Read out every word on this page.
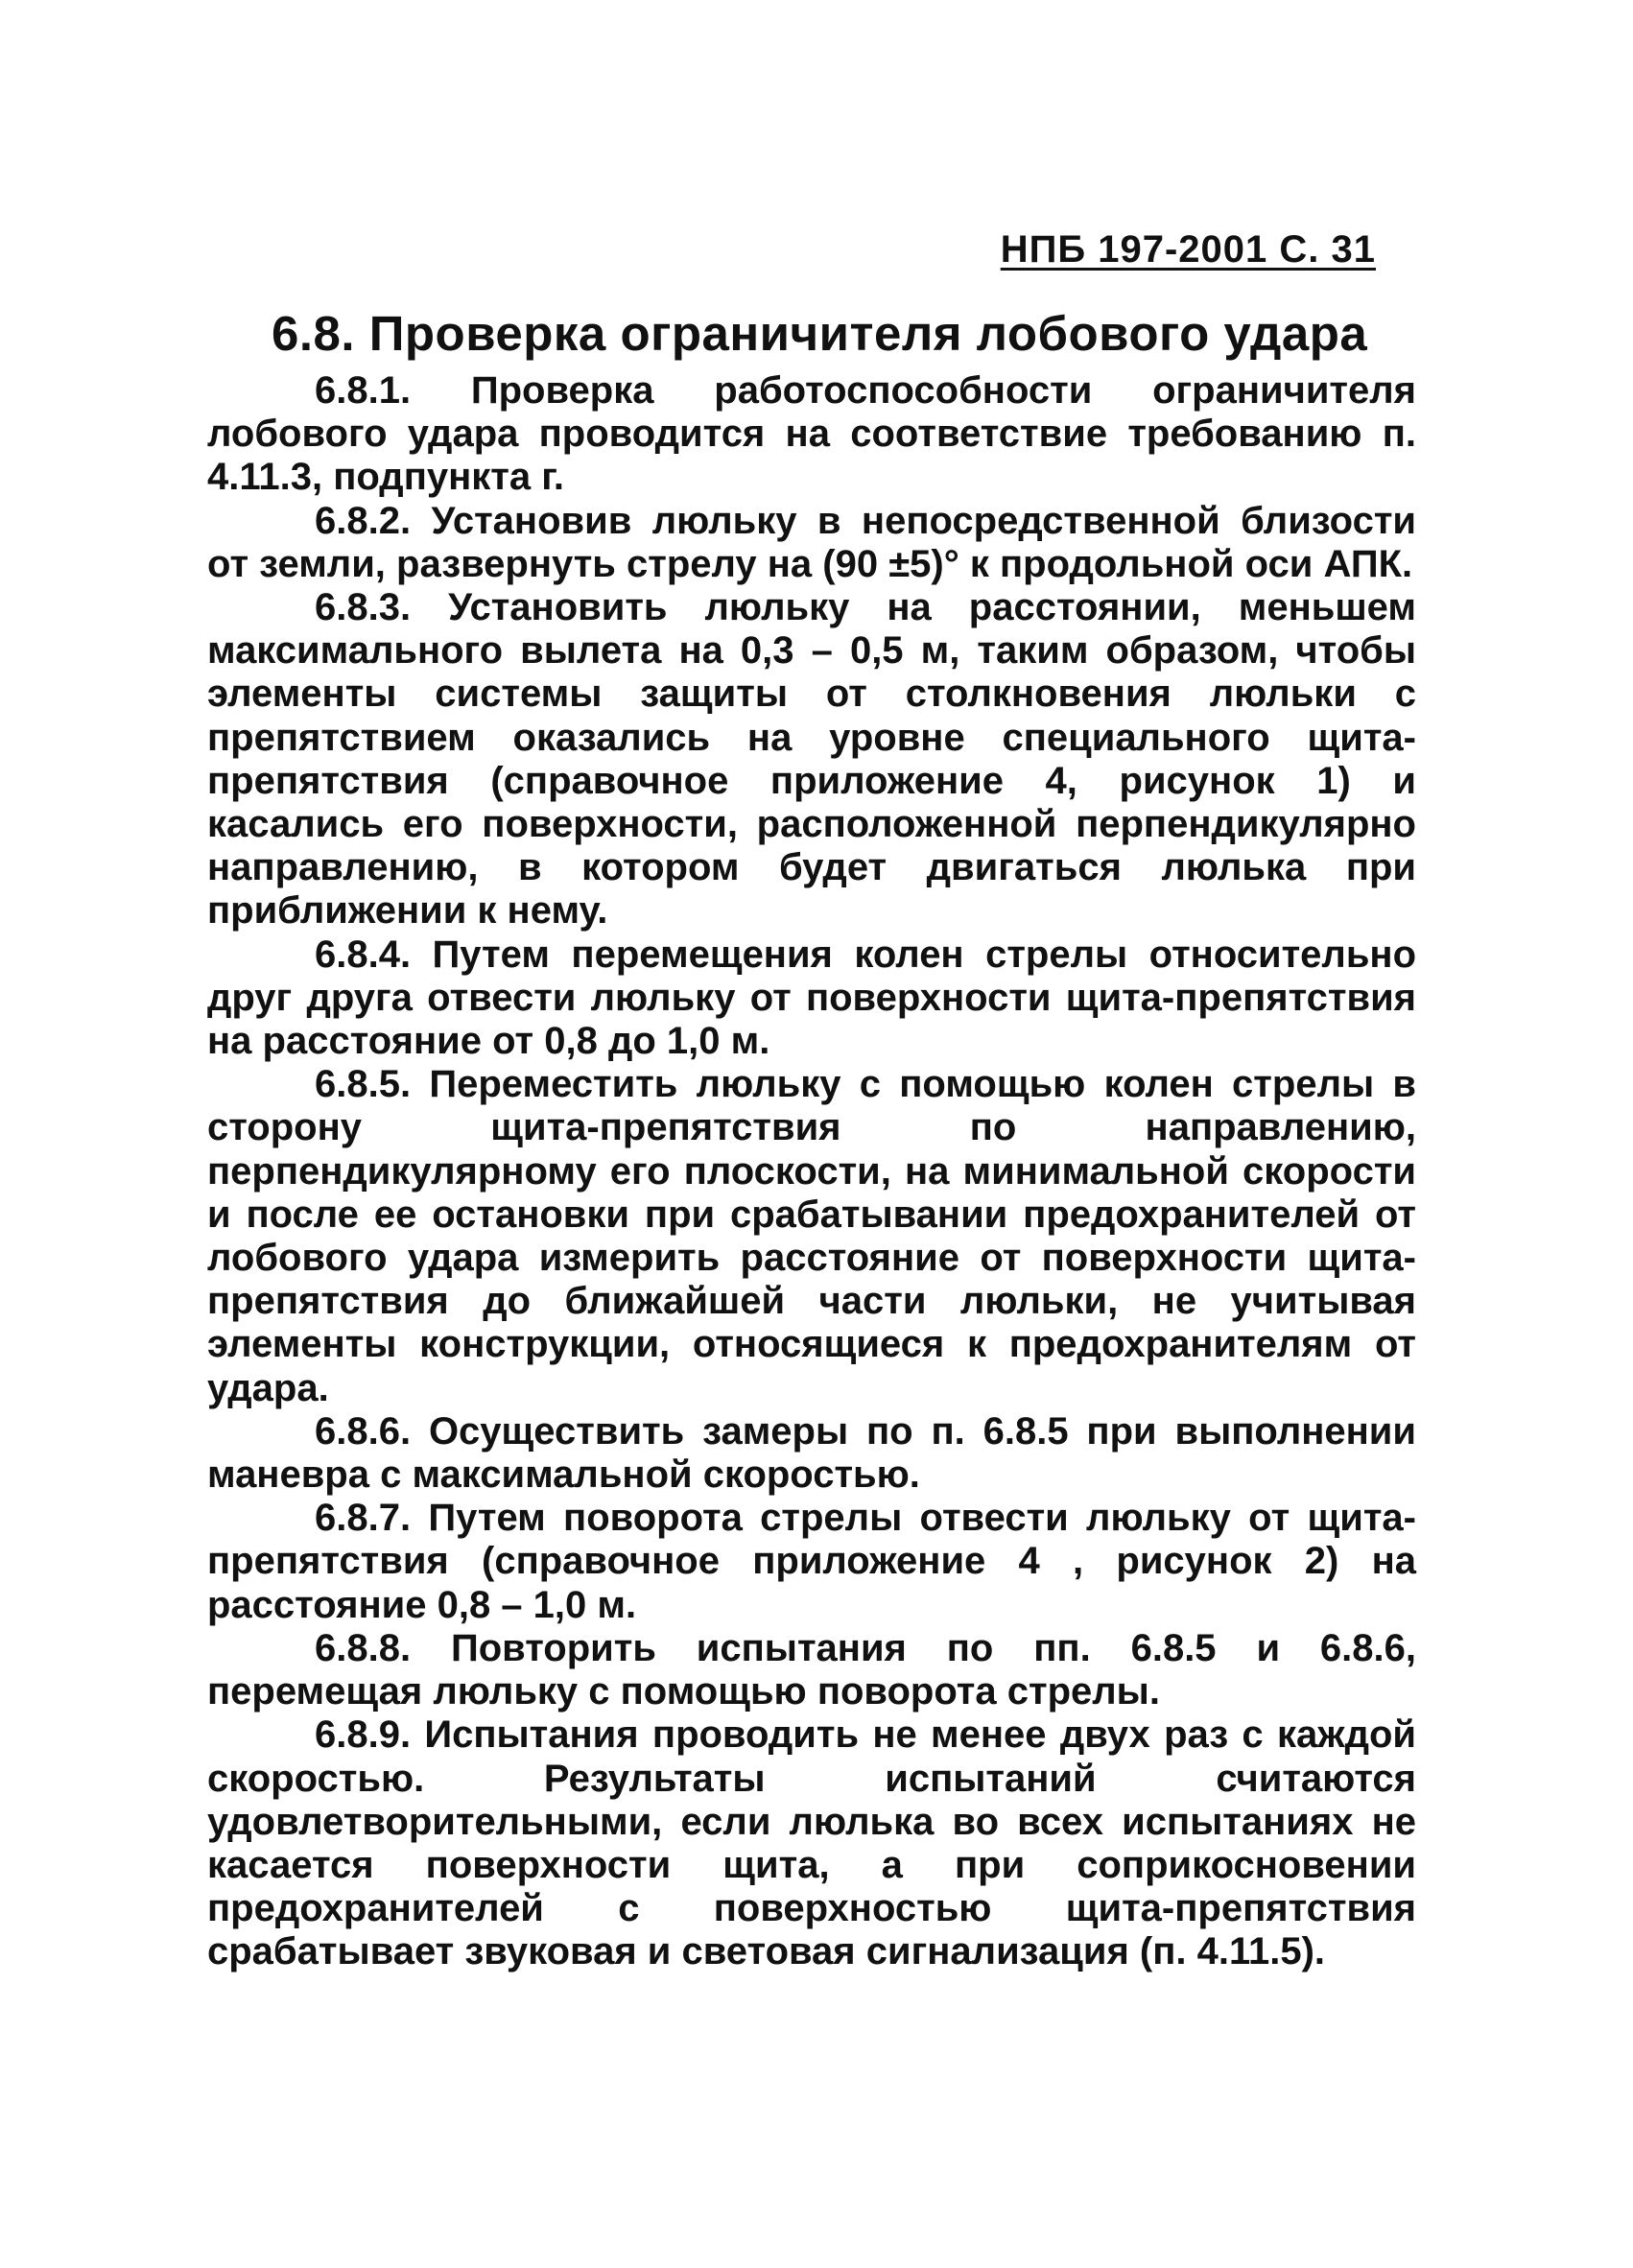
НПБ 197-2001 С. 31
6.8. Проверка ограничителя лобового удара

6.8.1. Проверка работоспособности ограничителя лобового удара проводится на соответствие требованию п. 4.11.3, подпункта г.

6.8.2. Установив люльку в непосредственной близости от земли, развернуть стрелу на (90 ±5)° к продольной оси АПК.

6.8.3. Установить люльку на расстоянии, меньшем максимального вылета на 0,3 – 0,5 м, таким образом, чтобы элементы системы защиты от столкновения люльки с препятствием оказались на уровне специального щита-препятствия (справочное приложение 4, рисунок 1) и касались его поверхности, расположенной перпендикулярно направлению, в котором будет двигаться люлька при приближении к нему.

6.8.4. Путем перемещения колен стрелы относительно друг друга отвести люльку от поверхности щита-препятствия на расстояние от 0,8 до 1,0 м.

6.8.5. Переместить люльку с помощью колен стрелы в сторону щита-препятствия по направлению, перпендикулярному его плоскости, на минимальной скорости и после ее остановки при срабатывании предохранителей от лобового удара измерить расстояние от поверхности щита-препятствия до ближайшей части люльки, не учитывая элементы конструкции, относящиеся к предохранителям от удара.

6.8.6. Осуществить замеры по п. 6.8.5 при выполнении маневра с максимальной скоростью.

6.8.7. Путем поворота стрелы отвести люльку от щита-препятствия (справочное приложение 4 , рисунок 2) на расстояние 0,8 – 1,0 м.

6.8.8. Повторить испытания по пп. 6.8.5 и 6.8.6, перемещая люльку с помощью поворота стрелы.

6.8.9. Испытания проводить не менее двух раз с каждой скоростью. Результаты испытаний считаются удовлетворительными, если люлька во всех испытаниях не касается поверхности щита, а при соприкосновении предохранителей с поверхностью щита-препятствия срабатывает звуковая и световая сигнализация (п. 4.11.5).
